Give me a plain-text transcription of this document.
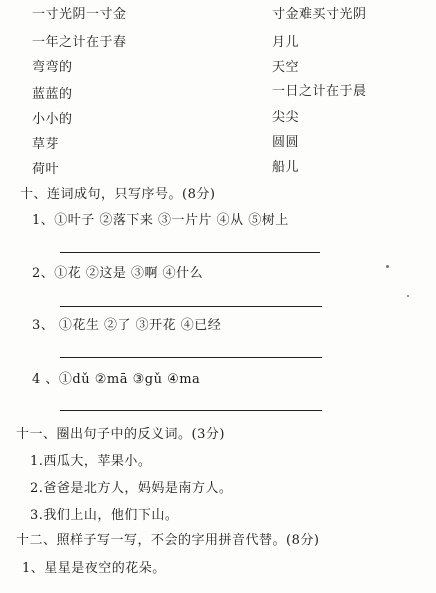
一寸光阴一寸金	寸金难买寸光阴
一年之计在于春	月儿
弯弯的	天空
蓝蓝的	一日之计在于晨
小小的	尖尖
草芽	圆圆
荷叶	船儿
十、连词成句，只写序号。(8分)
1、①叶子 ②落下来 ③一片片 ④从 ⑤树上
2、①花 ②这是 ③啊 ④什么
3、 ①花生 ②了 ③开花 ④已经
4 、①dǔ ②mā ③gǔ ④ma
十一、圈出句子中的反义词。(3分)
1.西瓜大，苹果小。
2.爸爸是北方人，妈妈是南方人。
3.我们上山，他们下山。
十二、照样子写一写，不会的字用拼音代替。(8分)
1、星星是夜空的花朵。
